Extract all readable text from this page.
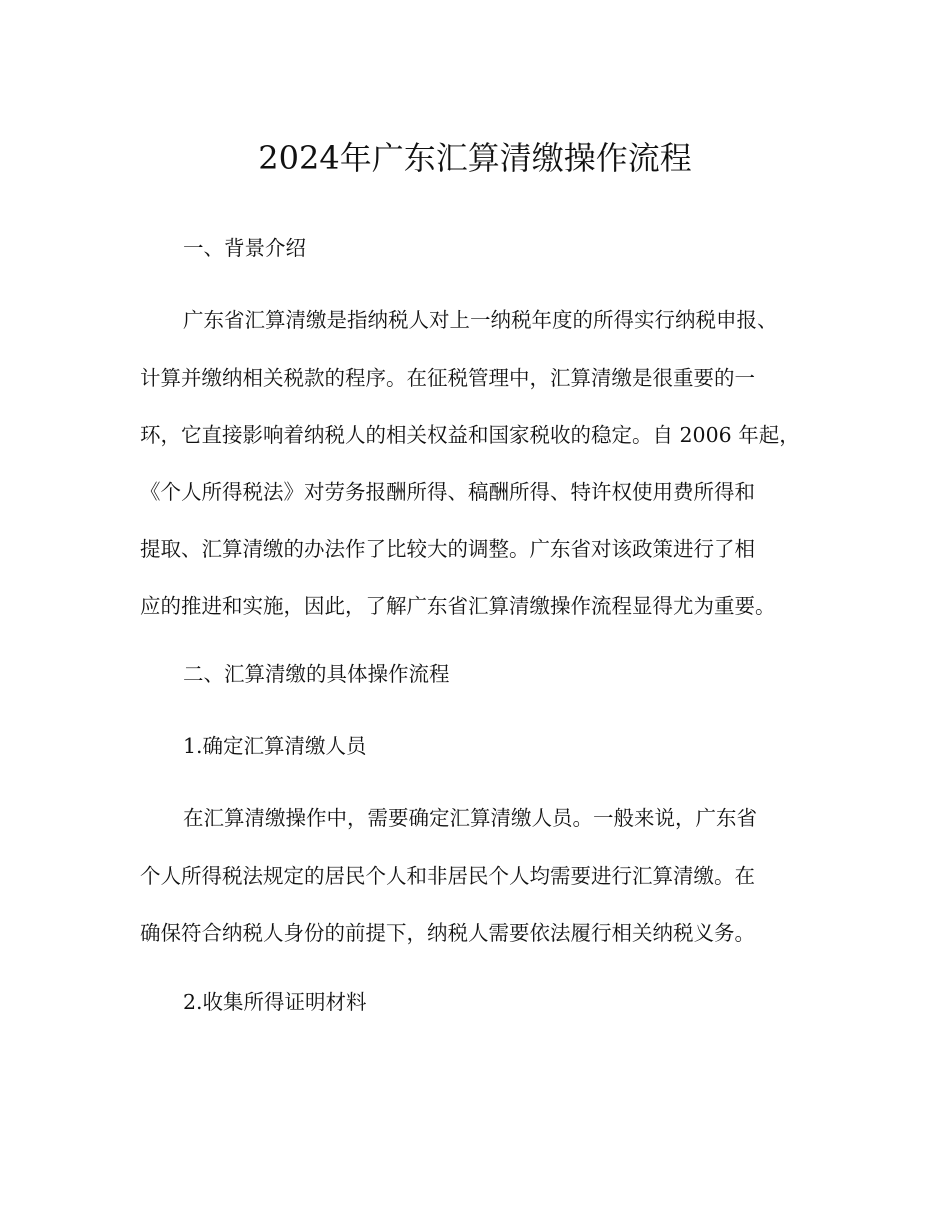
2024年广东汇算清缴操作流程

一、背景介绍

广东省汇算清缴是指纳税人对上一纳税年度的所得实行纳税申报、

计算并缴纳相关税款的程序。在征税管理中，汇算清缴是很重要的一

环，它直接影响着纳税人的相关权益和国家税收的稳定。自 2006 年起，

《个人所得税法》对劳务报酬所得、稿酬所得、特许权使用费所得和

提取、汇算清缴的办法作了比较大的调整。广东省对该政策进行了相

应的推进和实施，因此，了解广东省汇算清缴操作流程显得尤为重要。

二、汇算清缴的具体操作流程

1.确定汇算清缴人员

在汇算清缴操作中，需要确定汇算清缴人员。一般来说，广东省

个人所得税法规定的居民个人和非居民个人均需要进行汇算清缴。在

确保符合纳税人身份的前提下，纳税人需要依法履行相关纳税义务。

2.收集所得证明材料
